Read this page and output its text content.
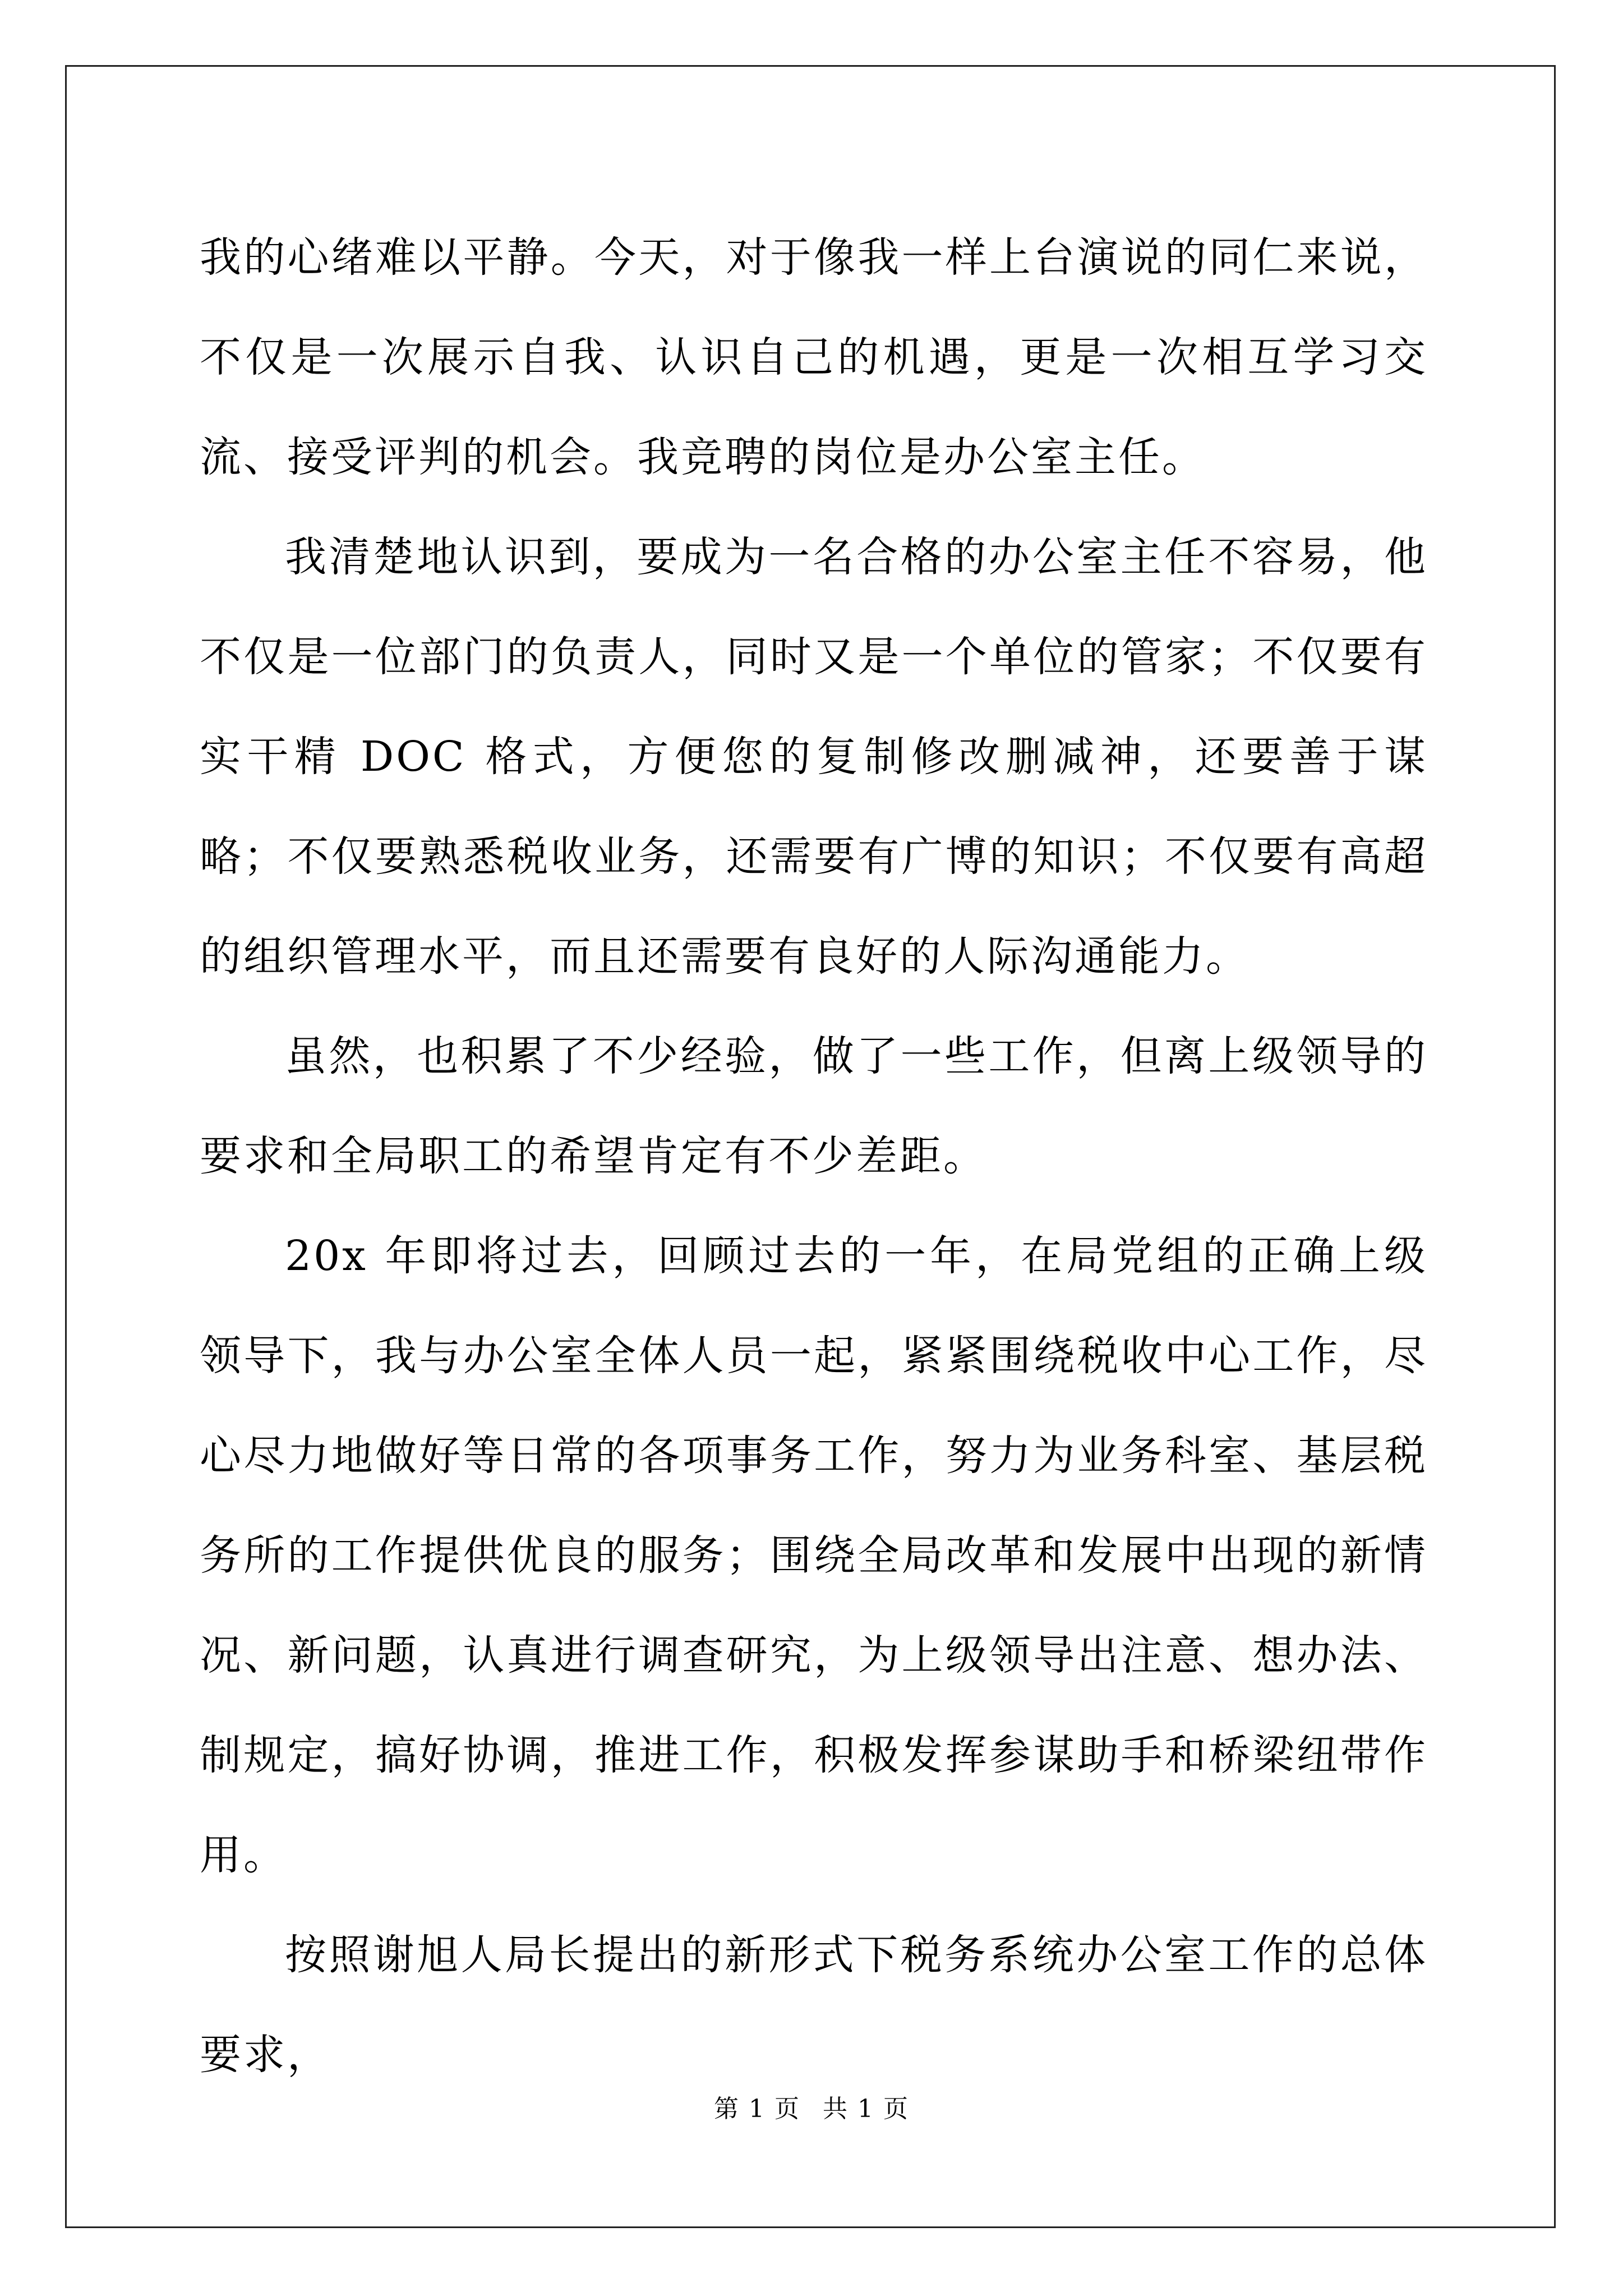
我的心绪难以平静。今天，对于像我一样上台演说的同仁来说，不仅是一次展示自我、认识自己的机遇，更是一次相互学习交流、接受评判的机会。我竞聘的岗位是办公室主任。

我清楚地认识到，要成为一名合格的办公室主任不容易，他不仅是一位部门的负责人，同时又是一个单位的管家；不仅要有实干精 DOC 格式，方便您的复制修改删减神，还要善于谋略；不仅要熟悉税收业务，还需要有广博的知识；不仅要有高超的组织管理水平，而且还需要有良好的人际沟通能力。

虽然，也积累了不少经验，做了一些工作，但离上级领导的要求和全局职工的希望肯定有不少差距。

20x 年即将过去，回顾过去的一年，在局党组的正确上级领导下，我与办公室全体人员一起，紧紧围绕税收中心工作，尽心尽力地做好等日常的各项事务工作，努力为业务科室、基层税务所的工作提供优良的服务；围绕全局改革和发展中出现的新情况、新问题，认真进行调查研究，为上级领导出注意、想办法、制规定，搞好协调，推进工作，积极发挥参谋助手和桥梁纽带作用。

按照谢旭人局长提出的新形式下税务系统办公室工作的总体要求，

第 1 页 共 1 页
